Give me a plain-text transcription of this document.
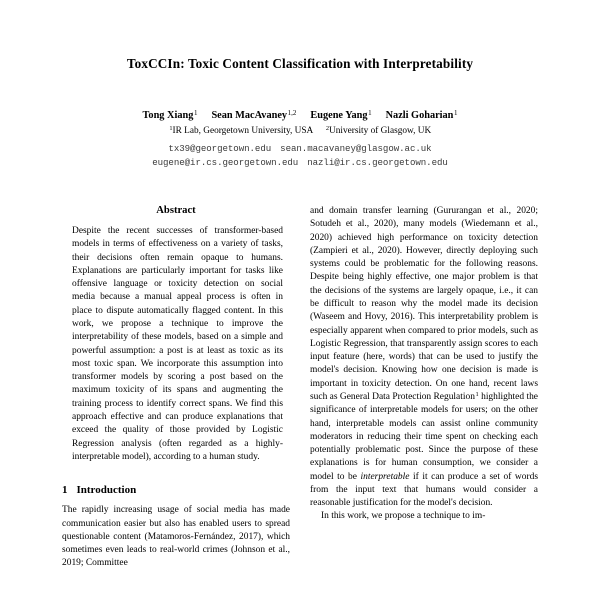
ToxCCIn: Toxic Content Classification with Interpretability
Tong Xiang$^1$ Sean MacAvaney$^{1,2}$ Eugene Yang$^1$ Nazli Goharian$^1$
$^1$IR Lab, Georgetown University, USA $^2$University of Glasgow, UK
tx39@georgetown.edu sean.macavaney@glasgow.ac.uk
eugene@ir.cs.georgetown.edu nazli@ir.cs.georgetown.edu
Abstract

Despite the recent successes of transformer-based models in terms of effectiveness on a variety of tasks, their decisions often remain opaque to humans. Explanations are particularly important for tasks like offensive language or toxicity detection on social media because a manual appeal process is often in place to dispute automatically flagged content. In this work, we propose a technique to improve the interpretability of these models, based on a simple and powerful assumption: a post is at least as toxic as its most toxic span. We incorporate this assumption into transformer models by scoring a post based on the maximum toxicity of its spans and augmenting the training process to identify correct spans. We find this approach effective and can produce explanations that exceed the quality of those provided by Logistic Regression analysis (often regarded as a highly-interpretable model), according to a human study.

1 Introduction

The rapidly increasing usage of social media has made communication easier but also has enabled users to spread questionable content (Matamoros-Fernández, 2017), which sometimes even leads to real-world crimes (Johnson et al., 2019; Committee

and domain transfer learning (Gururangan et al., 2020; Sotudeh et al., 2020), many models (Wiedemann et al., 2020) achieved high performance on toxicity detection (Zampieri et al., 2020). However, directly deploying such systems could be problematic for the following reasons. Despite being highly effective, one major problem is that the decisions of the systems are largely opaque, i.e., it can be difficult to reason why the model made its decision (Waseem and Hovy, 2016). This interpretability problem is especially apparent when compared to prior models, such as Logistic Regression, that transparently assign scores to each input feature (here, words) that can be used to justify the model's decision. Knowing how one decision is made is important in toxicity detection. On one hand, recent laws such as General Data Protection Regulation$^1$ highlighted the significance of interpretable models for users; on the other hand, interpretable models can assist online community moderators in reducing their time spent on checking each potentially problematic post. Since the purpose of these explanations is for human consumption, we consider a model to be interpretable if it can produce a set of words from the input text that humans would consider a reasonable justification for the model's decision.

In this work, we propose a technique to im-
